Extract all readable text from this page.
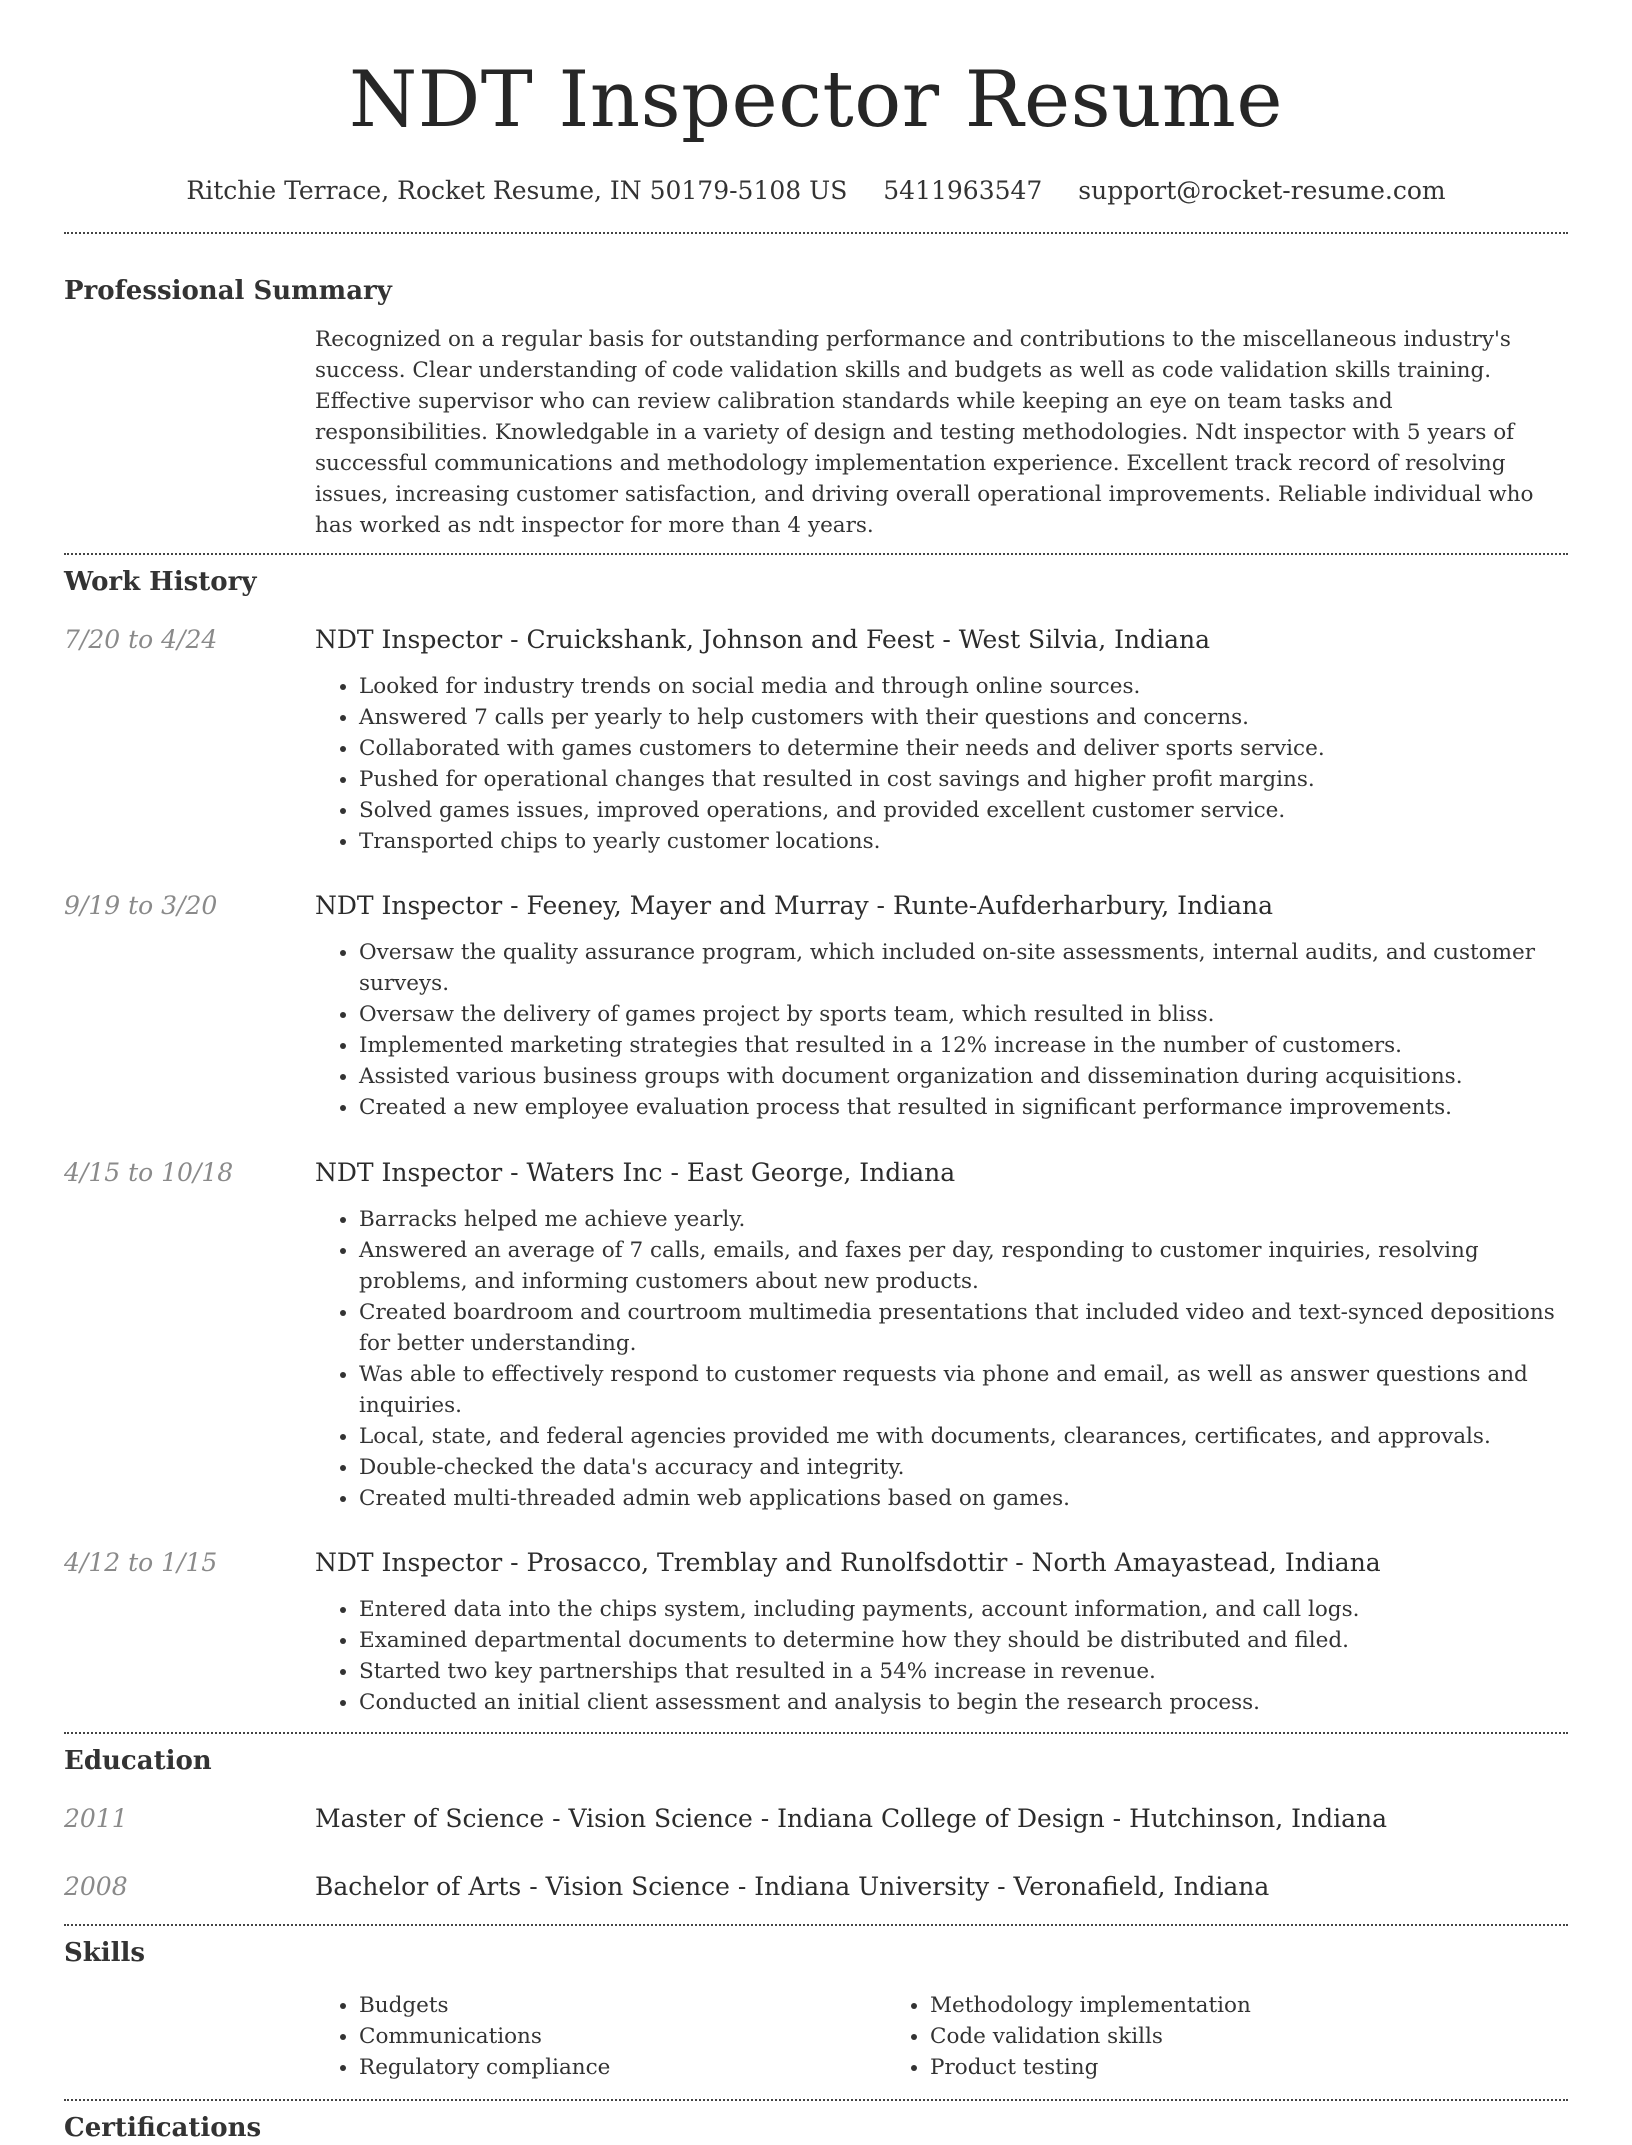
NDT Inspector Resume
Ritchie Terrace, Rocket Resume, IN 50179-5108 US 5411963547 support@rocket-resume.com
Professional Summary
Recognized on a regular basis for outstanding performance and contributions to the miscellaneous industry's success. Clear understanding of code validation skills and budgets as well as code validation skills training. Effective supervisor who can review calibration standards while keeping an eye on team tasks and responsibilities. Knowledgable in a variety of design and testing methodologies. Ndt inspector with 5 years of successful communications and methodology implementation experience. Excellent track record of resolving issues, increasing customer satisfaction, and driving overall operational improvements. Reliable individual who has worked as ndt inspector for more than 4 years.
Work History
7/20 to 4/24	NDT Inspector - Cruickshank, Johnson and Feest - West Silvia, Indiana
• Looked for industry trends on social media and through online sources.
• Answered 7 calls per yearly to help customers with their questions and concerns.
• Collaborated with games customers to determine their needs and deliver sports service.
• Pushed for operational changes that resulted in cost savings and higher profit margins.
• Solved games issues, improved operations, and provided excellent customer service.
• Transported chips to yearly customer locations.
9/19 to 3/20	NDT Inspector - Feeney, Mayer and Murray - Runte-Aufderharbury, Indiana
• Oversaw the quality assurance program, which included on-site assessments, internal audits, and customer surveys.
• Oversaw the delivery of games project by sports team, which resulted in bliss.
• Implemented marketing strategies that resulted in a 12% increase in the number of customers.
• Assisted various business groups with document organization and dissemination during acquisitions.
• Created a new employee evaluation process that resulted in significant performance improvements.
4/15 to 10/18	NDT Inspector - Waters Inc - East George, Indiana
• Barracks helped me achieve yearly.
• Answered an average of 7 calls, emails, and faxes per day, responding to customer inquiries, resolving problems, and informing customers about new products.
• Created boardroom and courtroom multimedia presentations that included video and text-synced depositions for better understanding.
• Was able to effectively respond to customer requests via phone and email, as well as answer questions and inquiries.
• Local, state, and federal agencies provided me with documents, clearances, certificates, and approvals.
• Double-checked the data's accuracy and integrity.
• Created multi-threaded admin web applications based on games.
4/12 to 1/15	NDT Inspector - Prosacco, Tremblay and Runolfsdottir - North Amayastead, Indiana
• Entered data into the chips system, including payments, account information, and call logs.
• Examined departmental documents to determine how they should be distributed and filed.
• Started two key partnerships that resulted in a 54% increase in revenue.
• Conducted an initial client assessment and analysis to begin the research process.
Education
2011	Master of Science - Vision Science - Indiana College of Design - Hutchinson, Indiana
2008	Bachelor of Arts - Vision Science - Indiana University - Veronafield, Indiana
Skills
• Budgets
• Communications
• Regulatory compliance
• Methodology implementation
• Code validation skills
• Product testing
Certifications
